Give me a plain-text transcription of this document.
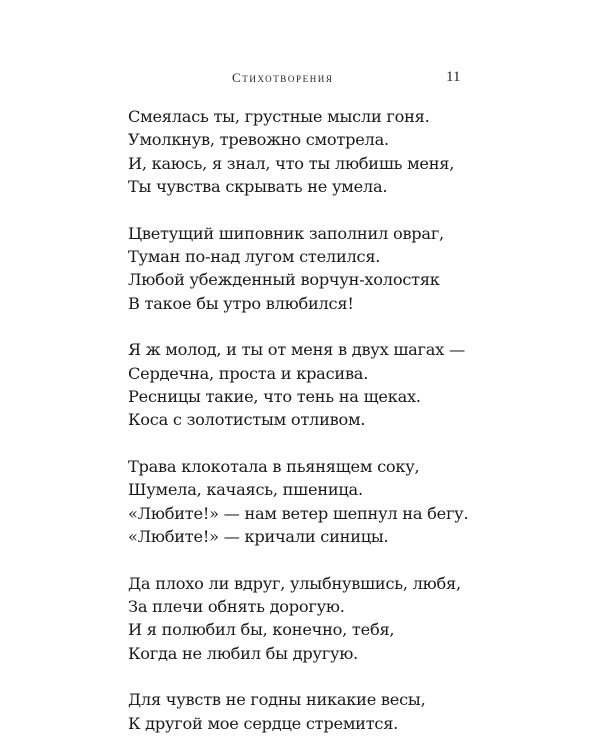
Стихотворения	11
Смеялась ты, грустные мысли гоня.
Умолкнув, тревожно смотрела.
И, каюсь, я знал, что ты любишь меня,
Ты чувства скрывать не умела.
Цветущий шиповник заполнил овраг,
Туман по-над лугом стелился.
Любой убежденный ворчун-холостяк
В такое бы утро влюбился!
Я ж молод, и ты от меня в двух шагах —
Сердечна, проста и красива.
Ресницы такие, что тень на щеках.
Коса с золотистым отливом.
Трава клокотала в пьянящем соку,
Шумела, качаясь, пшеница.
«Любите!» — нам ветер шепнул на бегу.
«Любите!» — кричали синицы.
Да плохо ли вдруг, улыбнувшись, любя,
За плечи обнять дорогую.
И я полюбил бы, конечно, тебя,
Когда не любил бы другую.
Для чувств не годны никакие весы,
К другой мое сердце стремится.
